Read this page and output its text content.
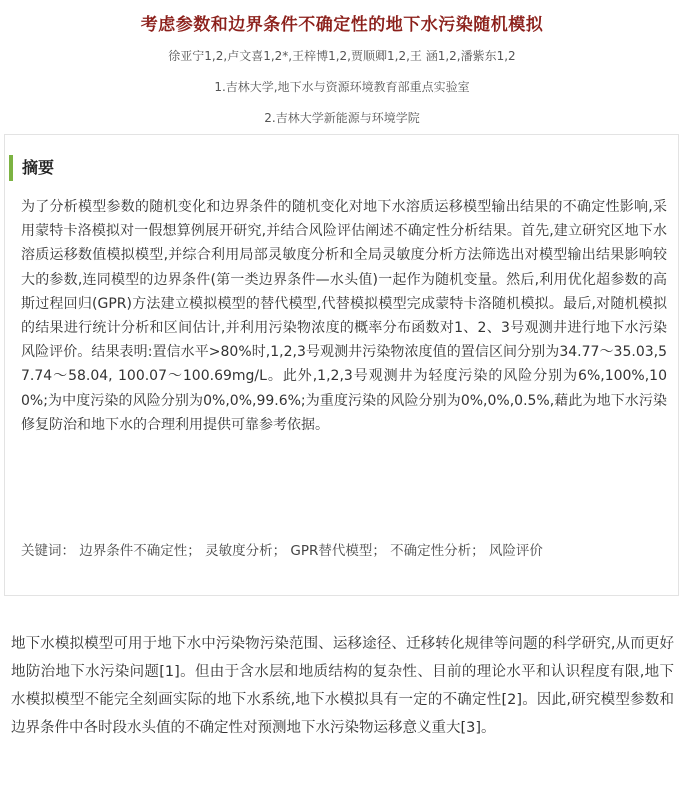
考虑参数和边界条件不确定性的地下水污染随机模拟
徐亚宁1,2,卢文喜1,2*,王梓博1,2,贾顺卿1,2,王 涵1,2,潘紫东1,2
1.吉林大学,地下水与资源环境教育部重点实验室
2.吉林大学新能源与环境学院
摘要
为了分析模型参数的随机变化和边界条件的随机变化对地下水溶质运移模型输出结果的不确定性影响,采用蒙特卡洛模拟对一假想算例展开研究,并结合风险评估阐述不确定性分析结果。首先,建立研究区地下水溶质运移数值模拟模型,并综合利用局部灵敏度分析和全局灵敏度分析方法筛选出对模型输出结果影响较大的参数,连同模型的边界条件(第一类边界条件—水头值)一起作为随机变量。然后,利用优化超参数的高斯过程回归(GPR)方法建立模拟模型的替代模型,代替模拟模型完成蒙特卡洛随机模拟。最后,对随机模拟的结果进行统计分析和区间估计,并利用污染物浓度的概率分布函数对1、2、3号观测井进行地下水污染风险评价。结果表明:置信水平>80%时,1,2,3号观测井污染物浓度值的置信区间分别为34.77～35.03,57.74～58.04, 100.07～100.69mg/L。此外,1,2,3号观测井为轻度污染的风险分别为6%,100%,100%;为中度污染的风险分别为0%,0%,99.6%;为重度污染的风险分别为0%,0%,0.5%,藉此为地下水污染修复防治和地下水的合理利用提供可靠参考依据。
关键词： 边界条件不确定性； 灵敏度分析； GPR替代模型； 不确定性分析； 风险评价
地下水模拟模型可用于地下水中污染物污染范围、运移途径、迁移转化规律等问题的科学研究,从而更好地防治地下水污染问题[1]。但由于含水层和地质结构的复杂性、目前的理论水平和认识程度有限,地下水模拟模型不能完全刻画实际的地下水系统,地下水模拟具有一定的不确定性[2]。因此,研究模型参数和边界条件中各时段水头值的不确定性对预测地下水污染物运移意义重大[3]。
